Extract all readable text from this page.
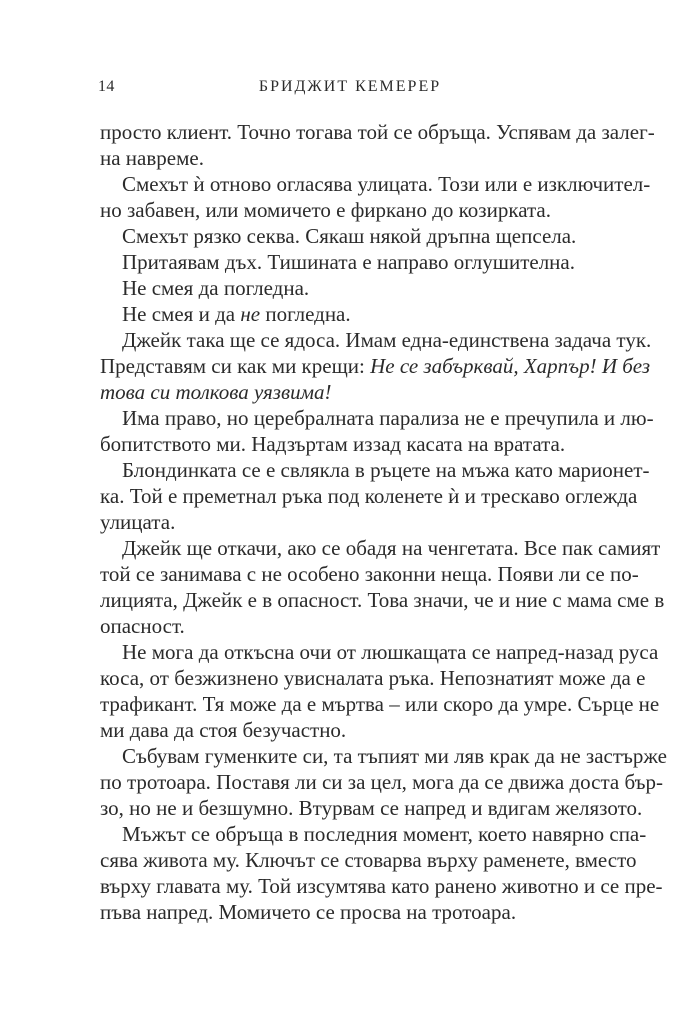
14	БРИДЖИТ КЕМЕРЕР
просто клиент. Точно тогава той се обръща. Успявам да залег-
на навреме.
Смехът ѝ отново огласява улицата. Този или е изключител-
но забавен, или момичето е фиркано до козирката.
Смехът рязко секва. Сякаш някой дръпна щепсела.
Притаявам дъх. Тишината е направо оглушителна.
Не смея да погледна.
Не смея и да не погледна.
Джейк така ще се ядоса. Имам една-единствена задача тук.
Представям си как ми крещи: Не се забърквай, Харпър! И без
това си толкова уязвима!
Има право, но церебралната парализа не е пречупила и лю-
бопитството ми. Надзъртам иззад касата на вратата.
Блондинката се е свлякла в ръцете на мъжа като марионет-
ка. Той е преметнал ръка под коленете ѝ и трескаво оглежда
улицата.
Джейк ще откачи, ако се обадя на ченгетата. Все пак самият
той се занимава с не особено законни неща. Появи ли се по-
лицията, Джейк е в опасност. Това значи, че и ние с мама сме в
опасност.
Не мога да откъсна очи от люшкащата се напред-назад руса
коса, от безжизнено увисналата ръка. Непознатият може да е
трафикант. Тя може да е мъртва – или скоро да умре. Сърце не
ми дава да стоя безучастно.
Събувам гуменките си, та тъпият ми ляв крак да не застърже
по тротоара. Поставя ли си за цел, мога да се движа доста бър-
зо, но не и безшумно. Втурвам се напред и вдигам желязото.
Мъжът се обръща в последния момент, което навярно спа-
сява живота му. Ключът се стоварва върху раменете, вместо
върху главата му. Той изсумтява като ранено животно и се пре-
пъва напред. Момичето се просва на тротоара.
